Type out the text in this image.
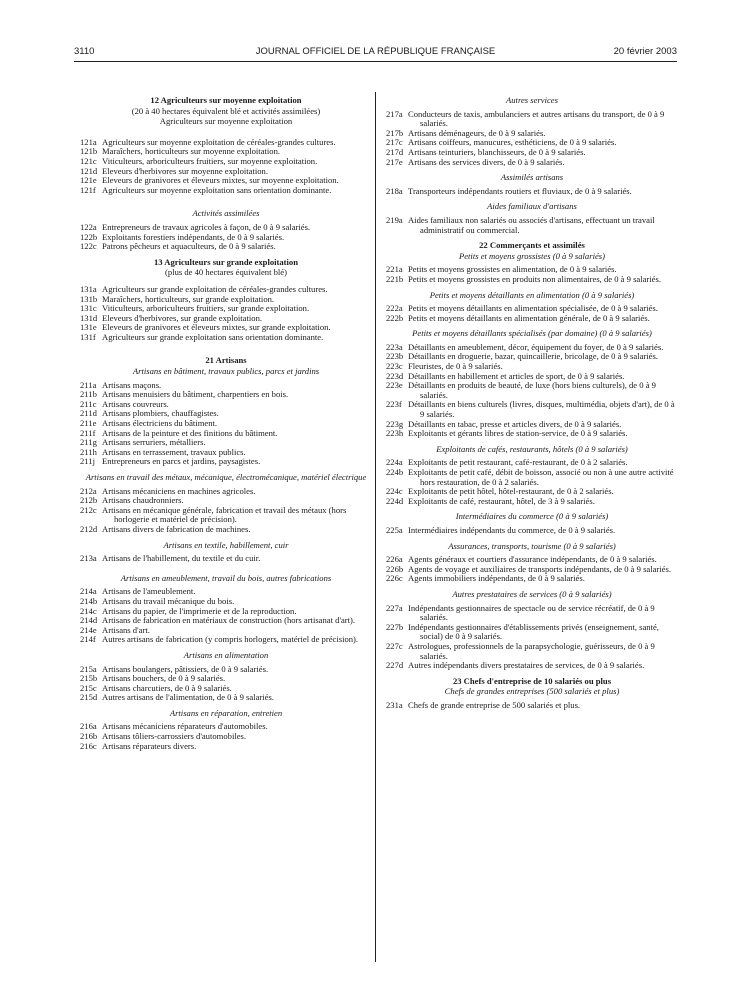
3110	JOURNAL OFFICIEL DE LA RÉPUBLIQUE FRANÇAISE	20 février 2003
12 Agriculteurs sur moyenne exploitation
(20 à 40 hectares équivalent blé et activités assimilées)
Agriculteurs sur moyenne exploitation
121a Agriculteurs sur moyenne exploitation de céréales-grandes cultures.
121b Maraîchers, horticulteurs sur moyenne exploitation.
121c Viticulteurs, arboriculteurs fruitiers, sur moyenne exploitation.
121d Eleveurs d'herbivores sur moyenne exploitation.
121e Eleveurs de granivores et éleveurs mixtes, sur moyenne exploitation.
121f Agriculteurs sur moyenne exploitation sans orientation dominante.
Activités assimilées
122a Entrepreneurs de travaux agricoles à façon, de 0 à 9 salariés.
122b Exploitants forestiers indépendants, de 0 à 9 salariés.
122c Patrons pêcheurs et aquaculteurs, de 0 à 9 salariés.
13 Agriculteurs sur grande exploitation
(plus de 40 hectares équivalent blé)
131a Agriculteurs sur grande exploitation de céréales-grandes cultures.
131b Maraîchers, horticulteurs, sur grande exploitation.
131c Viticulteurs, arboriculteurs fruitiers, sur grande exploitation.
131d Eleveurs d'herbivores, sur grande exploitation.
131e Eleveurs de granivores et éleveurs mixtes, sur grande exploitation.
131f Agriculteurs sur grande exploitation sans orientation dominante.
21 Artisans
Artisans en bâtiment, travaux publics, parcs et jardins
211a Artisans maçons.
211b Artisans menuisiers du bâtiment, charpentiers en bois.
211c Artisans couvreurs.
211d Artisans plombiers, chauffagistes.
211e Artisans électriciens du bâtiment.
211f Artisans de la peinture et des finitions du bâtiment.
211g Artisans serruriers, métalliers.
211h Artisans en terrassement, travaux publics.
211j Entrepreneurs en parcs et jardins, paysagistes.
Artisans en travail des métaux, mécanique, électromécanique, matériel électrique
212a Artisans mécaniciens en machines agricoles.
212b Artisans chaudronniers.
212c Artisans en mécanique générale, fabrication et travail des métaux (hors horlogerie et matériel de précision).
212d Artisans divers de fabrication de machines.
Artisans en textile, habillement, cuir
213a Artisans de l'habillement, du textile et du cuir.
Artisans en ameublement, travail du bois, autres fabrications
214a Artisans de l'ameublement.
214b Artisans du travail mécanique du bois.
214c Artisans du papier, de l'imprimerie et de la reproduction.
214d Artisans de fabrication en matériaux de construction (hors artisanat d'art).
214e Artisans d'art.
214f Autres artisans de fabrication (y compris horlogers, matériel de précision).
Artisans en alimentation
215a Artisans boulangers, pâtissiers, de 0 à 9 salariés.
215b Artisans bouchers, de 0 à 9 salariés.
215c Artisans charcutiers, de 0 à 9 salariés.
215d Autres artisans de l'alimentation, de 0 à 9 salariés.
Artisans en réparation, entretien
216a Artisans mécaniciens réparateurs d'automobiles.
216b Artisans tôliers-carrossiers d'automobiles.
216c Artisans réparateurs divers.
Autres services
217a Conducteurs de taxis, ambulanciers et autres artisans du transport, de 0 à 9 salariés.
217b Artisans déménageurs, de 0 à 9 salariés.
217c Artisans coiffeurs, manucures, esthéticiens, de 0 à 9 salariés.
217d Artisans teinturiers, blanchisseurs, de 0 à 9 salariés.
217e Artisans des services divers, de 0 à 9 salariés.
Assimilés artisans
218a Transporteurs indépendants routiers et fluviaux, de 0 à 9 salariés.
Aides familiaux d'artisans
219a Aides familiaux non salariés ou associés d'artisans, effectuant un travail administratif ou commercial.
22 Commerçants et assimilés
Petits et moyens grossistes (0 à 9 salariés)
221a Petits et moyens grossistes en alimentation, de 0 à 9 salariés.
221b Petits et moyens grossistes en produits non alimentaires, de 0 à 9 salariés.
Petits et moyens détaillants en alimentation (0 à 9 salariés)
222a Petits et moyens détaillants en alimentation spécialisée, de 0 à 9 salariés.
222b Petits et moyens détaillants en alimentation générale, de 0 à 9 salariés.
Petits et moyens détaillants spécialisés (par domaine) (0 à 9 salariés)
223a Détaillants en ameublement, décor, équipement du foyer, de 0 à 9 salariés.
223b Détaillants en droguerie, bazar, quincaillerie, bricolage, de 0 à 9 salariés.
223c Fleuristes, de 0 à 9 salariés.
223d Détaillants en habillement et articles de sport, de 0 à 9 salariés.
223e Détaillants en produits de beauté, de luxe (hors biens culturels), de 0 à 9 salariés.
223f Détaillants en biens culturels (livres, disques, multimédia, objets d'art), de 0 à 9 salariés.
223g Détaillants en tabac, presse et articles divers, de 0 à 9 salariés.
223h Exploitants et gérants libres de station-service, de 0 à 9 salariés.
Exploitants de cafés, restaurants, hôtels (0 à 9 salariés)
224a Exploitants de petit restaurant, café-restaurant, de 0 à 2 salariés.
224b Exploitants de petit café, débit de boisson, associé ou non à une autre activité hors restauration, de 0 à 2 salariés.
224c Exploitants de petit hôtel, hôtel-restaurant, de 0 à 2 salariés.
224d Exploitants de café, restaurant, hôtel, de 3 à 9 salariés.
Intermédiaires du commerce (0 à 9 salariés)
225a Intermédiaires indépendants du commerce, de 0 à 9 salariés.
Assurances, transports, tourisme (0 à 9 salariés)
226a Agents généraux et courtiers d'assurance indépendants, de 0 à 9 salariés.
226b Agents de voyage et auxiliaires de transports indépendants, de 0 à 9 salariés.
226c Agents immobiliers indépendants, de 0 à 9 salariés.
Autres prestataires de services (0 à 9 salariés)
227a Indépendants gestionnaires de spectacle ou de service récréatif, de 0 à 9 salariés.
227b Indépendants gestionnaires d'établissements privés (enseignement, santé, social) de 0 à 9 salariés.
227c Astrologues, professionnels de la parapsychologie, guérisseurs, de 0 à 9 salariés.
227d Autres indépendants divers prestataires de services, de 0 à 9 salariés.
23 Chefs d'entreprise de 10 salariés ou plus
Chefs de grandes entreprises (500 salariés et plus)
231a Chefs de grande entreprise de 500 salariés et plus.
